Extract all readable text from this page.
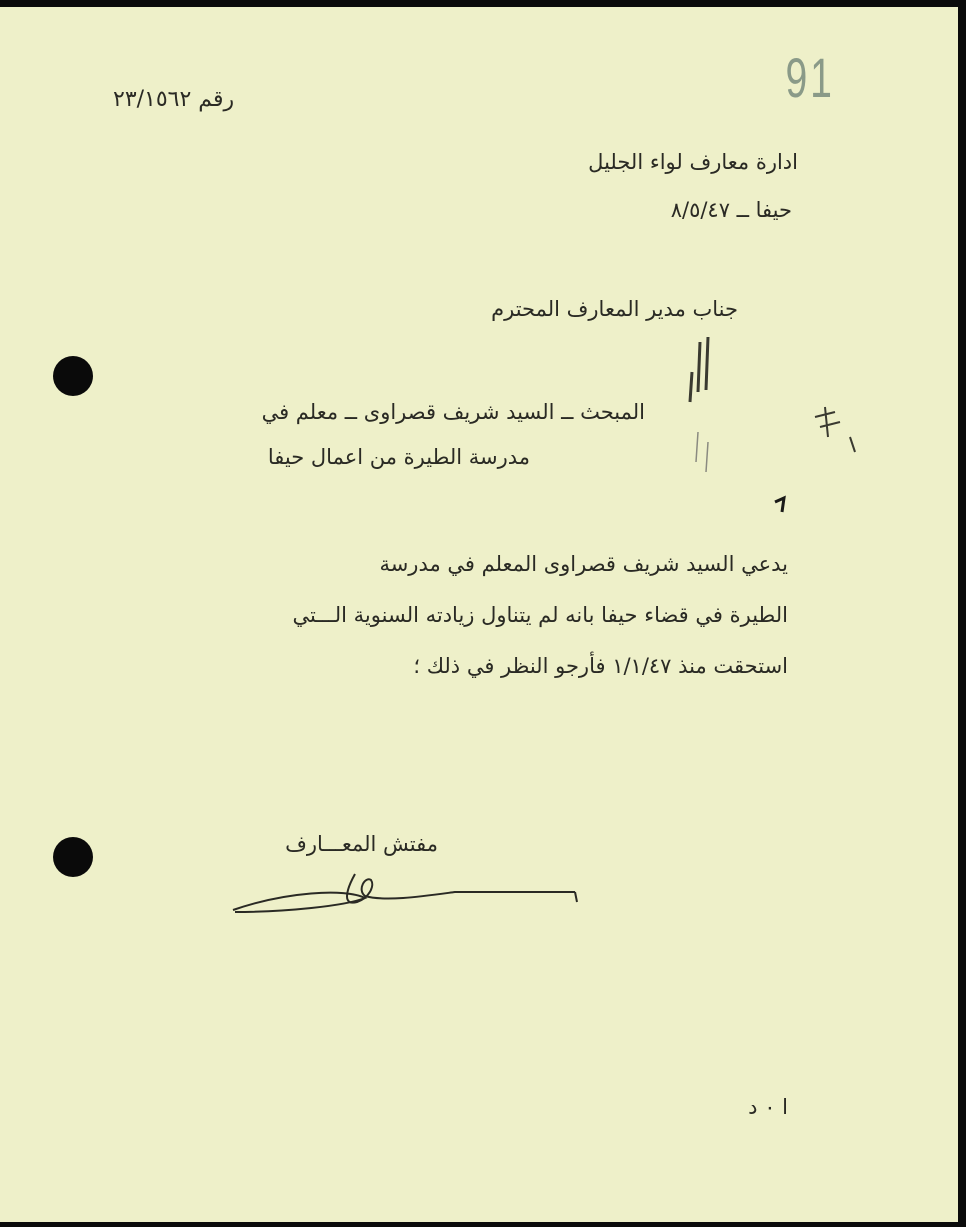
91
رقم ٢٣/١٥٦٢
ادارة معارف لواء الجليل
حيفا ــ ٨/٥/٤٧
جناب مدير المعارف المحترم
المبحث ــ السيد شريف قصراوى ــ معلم في
مدرسة الطيرة من اعمال حيفا
يدعي السيد شريف قصراوى المعلم في مدرسة
الطيرة في قضاء حيفا بانه لم يتناول زيادته السنوية الـــتي
استحقت منذ ١/١/٤٧ فأرجو النظر في ذلك ؛
مفتش المعـــارف
ا ٠ د
